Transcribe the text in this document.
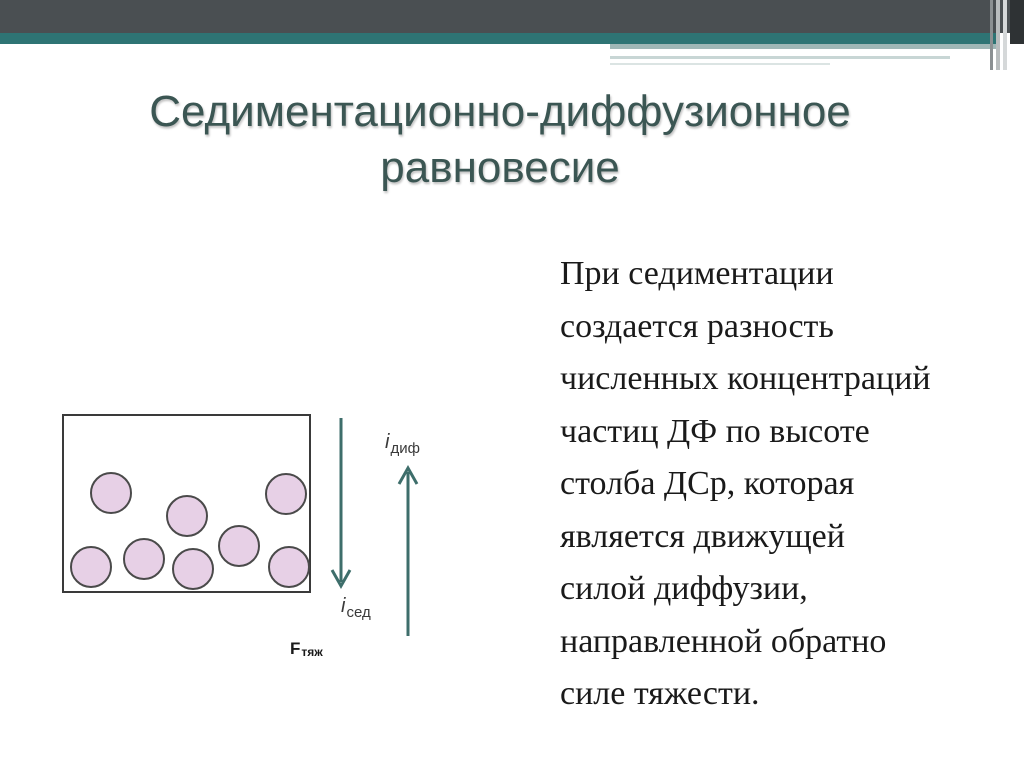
Седиментационно-диффузионное
равновесие
При седиментации
создается разность
численных концентраций
частиц ДФ по высоте
столба ДСр, которая
является движущей
силой диффузии,
направленной обратно
силе тяжести.
$i_{диф}$
$i_{сед}$
Fтяж
